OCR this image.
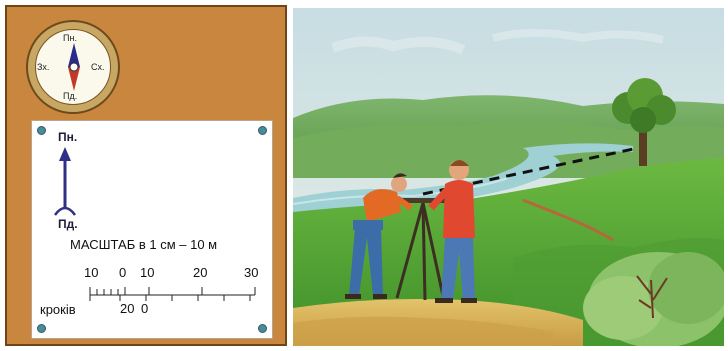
Пн.
Пд.
Зх.	Сх.
Пн.
Пд.
МАСШТАБ в 1 см – 10 м
10 0 10	20	30
кроків	20 0
